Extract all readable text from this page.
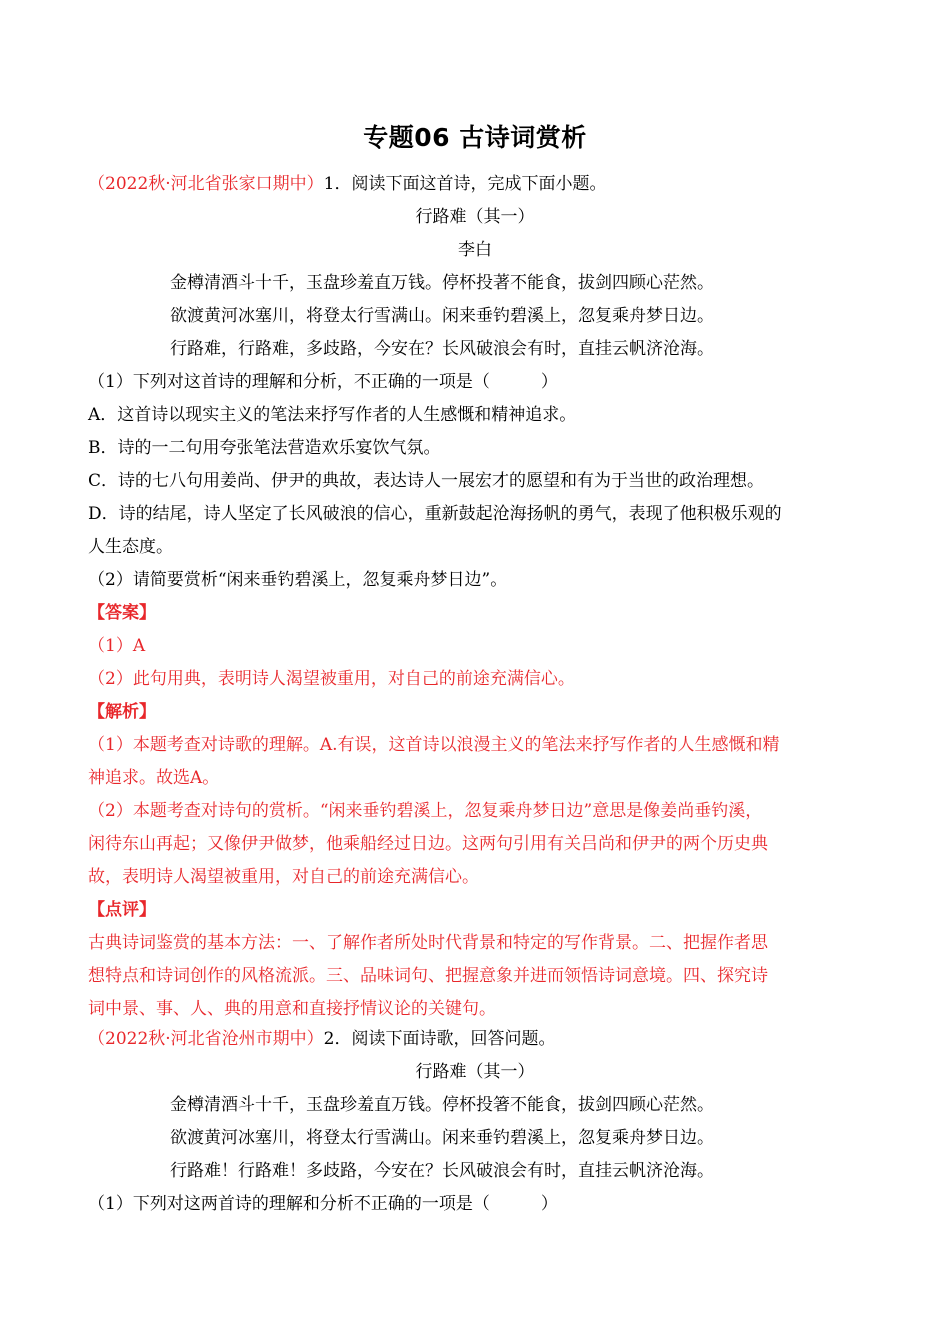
专题06 古诗词赏析
（2022秋·河北省张家口期中）1．阅读下面这首诗，完成下面小题。
行路难（其一）
李白
金樽清酒斗十千，玉盘珍羞直万钱。停杯投著不能食，拔剑四顾心茫然。
欲渡黄河冰塞川，将登太行雪满山。闲来垂钓碧溪上，忽复乘舟梦日边。
行路难，行路难，多歧路，今安在？长风破浪会有时，直挂云帆济沧海。
（1）下列对这首诗的理解和分析，不正确的一项是（　　　）
A．这首诗以现实主义的笔法来抒写作者的人生感慨和精神追求。
B．诗的一二句用夸张笔法营造欢乐宴饮气氛。
C．诗的七八句用姜尚、伊尹的典故，表达诗人一展宏才的愿望和有为于当世的政治理想。
D．诗的结尾，诗人坚定了长风破浪的信心，重新鼓起沧海扬帆的勇气，表现了他积极乐观的
人生态度。
（2）请简要赏析“闲来垂钓碧溪上，忽复乘舟梦日边”。
【答案】
（1）A
（2）此句用典，表明诗人渴望被重用，对自己的前途充满信心。
【解析】
（1）本题考查对诗歌的理解。A.有误，这首诗以浪漫主义的笔法来抒写作者的人生感慨和精
神追求。故选A。
（2）本题考查对诗句的赏析。“闲来垂钓碧溪上，忽复乘舟梦日边”意思是像姜尚垂钓溪，
闲待东山再起；又像伊尹做梦，他乘船经过日边。这两句引用有关吕尚和伊尹的两个历史典
故，表明诗人渴望被重用，对自己的前途充满信心。
【点评】
古典诗词鉴赏的基本方法：一、了解作者所处时代背景和特定的写作背景。二、把握作者思
想特点和诗词创作的风格流派。三、品味词句、把握意象并进而领悟诗词意境。四、探究诗
词中景、事、人、典的用意和直接抒情议论的关键句。
（2022秋·河北省沧州市期中）2．阅读下面诗歌，回答问题。
行路难（其一）
金樽清酒斗十千，玉盘珍羞直万钱。停杯投箸不能食，拔剑四顾心茫然。
欲渡黄河冰塞川，将登太行雪满山。闲来垂钓碧溪上，忽复乘舟梦日边。
行路难！行路难！多歧路，今安在？长风破浪会有时，直挂云帆济沧海。
（1）下列对这两首诗的理解和分析不正确的一项是（　　　）
